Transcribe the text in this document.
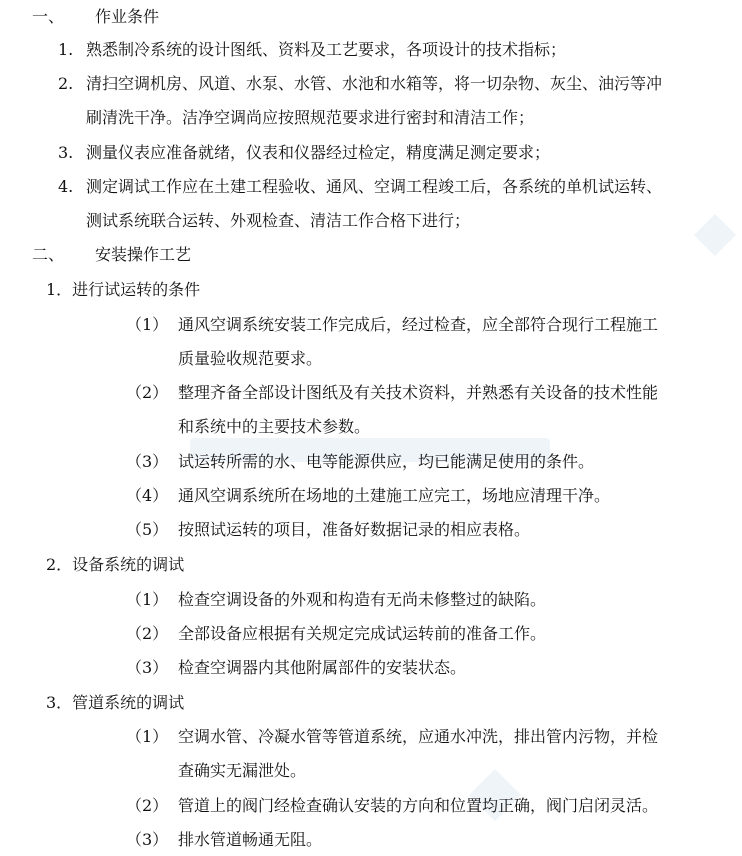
一、 作业条件
1. 熟悉制冷系统的设计图纸、资料及工艺要求，各项设计的技术指标；
2. 清扫空调机房、风道、水泵、水管、水池和水箱等，将一切杂物、灰尘、油污等冲
刷清洗干净。洁净空调尚应按照规范要求进行密封和清洁工作；
3. 测量仪表应准备就绪，仪表和仪器经过检定，精度满足测定要求；
4. 测定调试工作应在土建工程验收、通风、空调工程竣工后，各系统的单机试运转、
测试系统联合运转、外观检查、清洁工作合格下进行；
二、 安装操作工艺
1．进行试运转的条件
（1） 通风空调系统安装工作完成后，经过检查，应全部符合现行工程施工
质量验收规范要求。
（2） 整理齐备全部设计图纸及有关技术资料，并熟悉有关设备的技术性能
和系统中的主要技术参数。
（3） 试运转所需的水、电等能源供应，均已能满足使用的条件。
（4） 通风空调系统所在场地的土建施工应完工，场地应清理干净。
（5） 按照试运转的项目，准备好数据记录的相应表格。
2．设备系统的调试
（1） 检查空调设备的外观和构造有无尚未修整过的缺陷。
（2） 全部设备应根据有关规定完成试运转前的准备工作。
（3） 检查空调器内其他附属部件的安装状态。
3．管道系统的调试
（1） 空调水管、冷凝水管等管道系统，应通水冲洗，排出管内污物，并检
查确实无漏泄处。
（2） 管道上的阀门经检查确认安装的方向和位置均正确，阀门启闭灵活。
（3） 排水管道畅通无阻。
